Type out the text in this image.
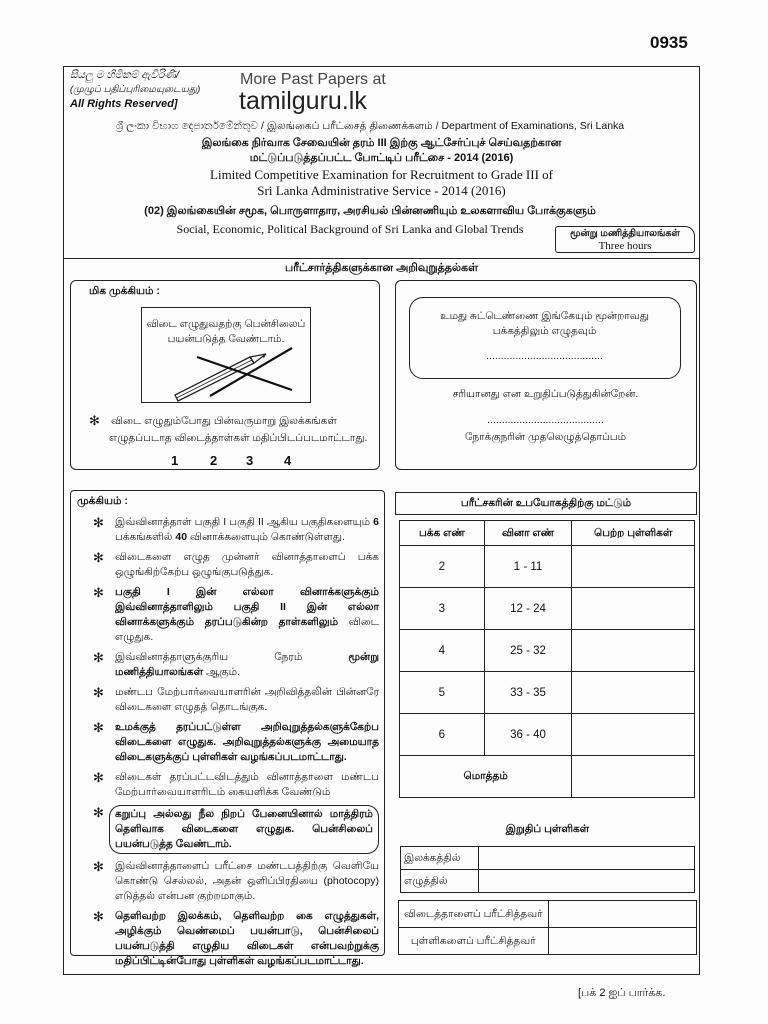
0935
සියලු ම හිමිකම් ඇවිරිණි/
(முழுப் பதிப்புரிமையுடையது)
All Rights Reserved]
More Past Papers at
tamilguru.lk
ශ්‍රී ලංකා විභාග දෙපාර්තමේන්තුව / இலங்கைப் பரீட்சைத் திணைக்களம் / Department of Examinations, Sri Lanka
இலங்கை நிர்வாக சேவையின் தரம் III இற்கு ஆட்சேர்ப்புச் செய்வதற்கான
மட்டுப்படுத்தப்பட்ட போட்டிப் பரீட்சை - 2014 (2016)
Limited Competitive Examination for Recruitment to Grade III of
Sri Lanka Administrative Service - 2014 (2016)
(02) இலங்கையின் சமூக, பொருளாதார, அரசியல் பின்னணியும் உலகளாவிய போக்குகளும்
Social, Economic, Political Background of Sri Lanka and Global Trends	மூன்று மணித்தியாலங்கள்
Three hours
பரீட்சார்த்திகளுக்கான அறிவுறுத்தல்கள்
மிக முக்கியம் :
விடை எழுதுவதற்கு பென்சிலைப்
பயன்படுத்த வேண்டாம்.
✻ விடை எழுதும்போது பின்வருமாறு இலக்கங்கள்
எழுதப்படாத விடைத்தாள்கள் மதிப்பிடப்படமாட்டாது.
1 2 3 4
உமது சுட்டெண்ணை இங்கேயும் மூன்றாவது
பக்கத்திலும் எழுதவும்
........................................
சரியானது என உறுதிப்படுத்துகின்றேன்.
........................................
நோக்குநரின் முதலெழுத்தொப்பம்
முக்கியம் :
✻	இவ்வினாத்தாள் பகுதி I பகுதி II ஆகிய பகுதிகளையும் 6 பக்கங்களில் 40 வினாக்களையும் கொண்டுள்ளது.
✻	விடைகளை எழுத முன்னர் வினாத்தாளைப் பக்க ஒழுங்கிற்கேற்ப ஒழுங்குபடுத்துக.
✻	பகுதி I இன் எல்லா வினாக்களுக்கும் இவ்வினாத்தாளிலும் பகுதி II இன் எல்லா வினாக்களுக்கும் தரப்படுகின்ற தாள்களிலும் விடை எழுதுக.
✻	இவ்வினாத்தாளுக்குரிய நேரம்	மூன்று மணித்தியாலங்கள் ஆகும்.
✻	மண்டப மேற்பார்வையாளரின் அறிவித்தலின் பின்னரே விடைகளை எழுதத் தொடங்குக.
✻	உமக்குத் தரப்பட்டுள்ள அறிவுறுத்தல்களுக்கேற்ப விடைகளை எழுதுக. அறிவுறுத்தல்களுக்கு அமையாத விடைகளுக்குப் புள்ளிகள் வழங்கப்படமாட்டாது.
✻	விடைகள் தரப்பட்டவிடத்தும் வினாத்தாளை மண்டப மேற்பார்வையாளரிடம் கையளிக்க வேண்டும்
✻	கறுப்பு அல்லது நீல நிறப் பேனையினால் மாத்திரம் தெளிவாக விடைகளை எழுதுக. பென்சிலைப் பயன்படுத்த வேண்டாம்.
✻	இவ்வினாத்தாளைப் பரீட்சை மண்டபத்திற்கு வெளியே கொண்டு செல்லல், அதன் ஒளிப்பிரதியை (photocopy) எடுத்தல் என்பன குற்றமாகும்.
✻	தெளிவற்ற இலக்கம், தெளிவற்ற கை எழுத்துகள், அழிக்கும் வெண்மைப் பயன்பாடு, பென்சிலைப் பயன்படுத்தி எழுதிய விடைகள் என்பவற்றுக்கு மதிப்பிட்டின்போது புள்ளிகள் வழங்கப்படமாட்டாது.
பரீட்சகரின் உபயோகத்திற்கு மட்டும்
பக்க எண்	வினா எண்	பெற்ற புள்ளிகள்
2	1 - 11	
3	12 - 24	
4	25 - 32	
5	33 - 35	
6	36 - 40	
மொத்தம்		
இறுதிப் புள்ளிகள்
இலக்கத்தில்	
எழுத்தில்	
விடைத்தாளைப் பரீட்சித்தவர்	
புள்ளிகளைப் பரீட்சித்தவர்	
[பக் 2 ஐப் பார்க்க.
